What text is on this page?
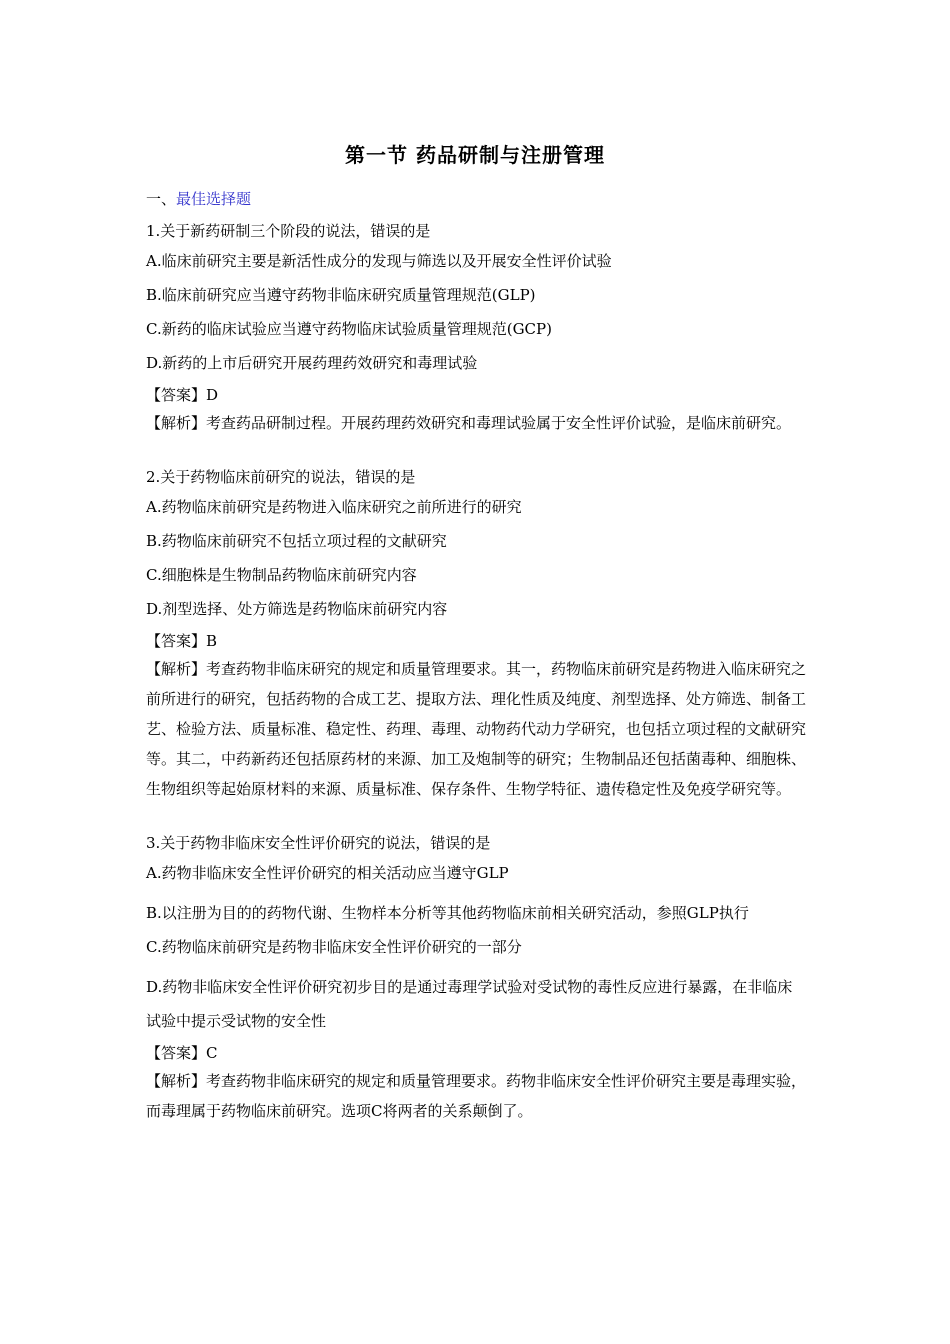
第一节 药品研制与注册管理
一、最佳选择题
1.关于新药研制三个阶段的说法，错误的是
A.临床前研究主要是新活性成分的发现与筛选以及开展安全性评价试验
B.临床前研究应当遵守药物非临床研究质量管理规范(GLP)
C.新药的临床试验应当遵守药物临床试验质量管理规范(GCP)
D.新药的上市后研究开展药理药效研究和毒理试验
【答案】D
【解析】考查药品研制过程。开展药理药效研究和毒理试验属于安全性评价试验，是临床前研究。
2.关于药物临床前研究的说法，错误的是
A.药物临床前研究是药物进入临床研究之前所进行的研究
B.药物临床前研究不包括立项过程的文献研究
C.细胞株是生物制品药物临床前研究内容
D.剂型选择、处方筛选是药物临床前研究内容
【答案】B
【解析】考查药物非临床研究的规定和质量管理要求。其一，药物临床前研究是药物进入临床研究之前所进行的研究，包括药物的合成工艺、提取方法、理化性质及纯度、剂型选择、处方筛选、制备工艺、检验方法、质量标准、稳定性、药理、毒理、动物药代动力学研究，也包括立项过程的文献研究等。其二，中药新药还包括原药材的来源、加工及炮制等的研究；生物制品还包括菌毒种、细胞株、生物组织等起始原材料的来源、质量标准、保存条件、生物学特征、遗传稳定性及免疫学研究等。
3.关于药物非临床安全性评价研究的说法，错误的是
A.药物非临床安全性评价研究的相关活动应当遵守GLP
B.以注册为目的的药物代谢、生物样本分析等其他药物临床前相关研究活动，参照GLP执行
C.药物临床前研究是药物非临床安全性评价研究的一部分
D.药物非临床安全性评价研究初步目的是通过毒理学试验对受试物的毒性反应进行暴露，在非临床试验中提示受试物的安全性
【答案】C
【解析】考查药物非临床研究的规定和质量管理要求。药物非临床安全性评价研究主要是毒理实验，而毒理属于药物临床前研究。选项C将两者的关系颠倒了。
